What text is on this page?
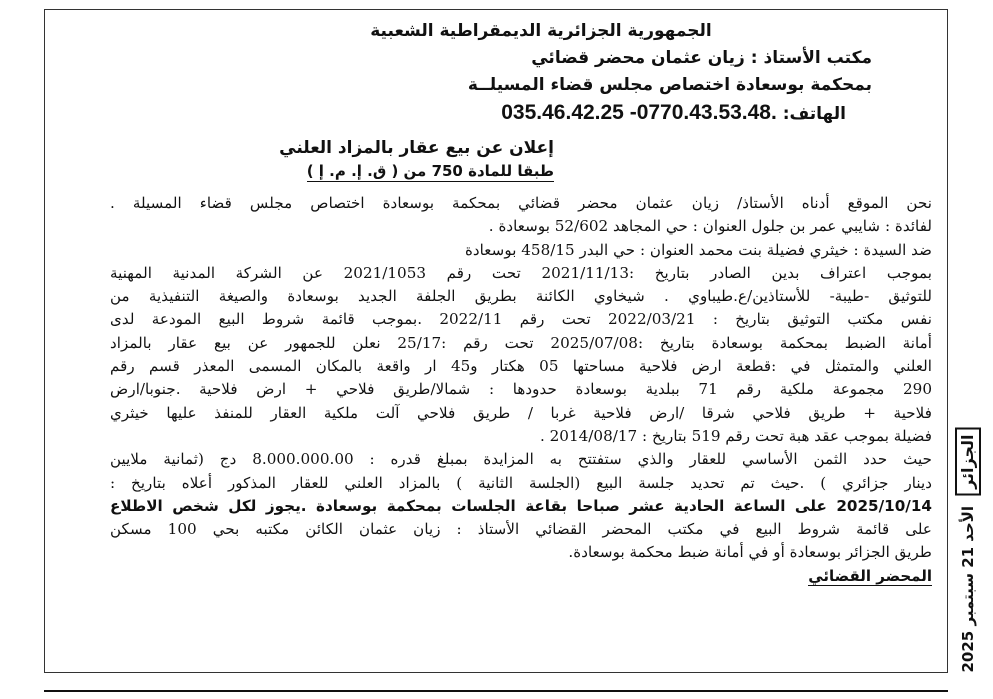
الجمهورية الجزائرية الديمقراطية الشعبية
مكتب الأستاذ : زيان عثمان محضر قضائي
بمحكمة بوسعادة اختصاص مجلس قضاء المسيلــة
الهاتف: 035.46.42.25 -0770.43.53.48.
إعلان عن بيع عقار بالمزاد العلني
طبقا للمادة 750 من ( ق. إ. م. إ )
نحن الموقع أدناه الأستاذ/ زيان عثمان محضر قضائي بمحكمة بوسعادة اختصاص مجلس قضاء المسيلة .
لفائدة : شايبي عمر بن جلول العنوان : حي المجاهد 52/602 بوسعادة .
ضد السيدة : خيثري فضيلة بنت محمد العنوان : حي البدر 458/15 بوسعادة
بموجب اعتراف بدين الصادر بتاريخ :2021/11/13 تحت رقم 2021/1053 عن الشركة المدنية المهنية
للتوثيق -طيبة- للأستاذين/ع.طيباوي . شيخاوي الكائنة بطريق الجلفة الجديد بوسعادة والصيغة التنفيذية من
نفس مكتب التوثيق بتاريخ : 2022/03/21 تحت رقم 2022/11 .بموجب قائمة شروط البيع المودعة لدى
أمانة الضبط بمحكمة بوسعادة بتاريخ :2025/07/08 تحت رقم :25/17 نعلن للجمهور عن بيع عقار بالمزاد
العلني والمتمثل في :قطعة ارض فلاحية مساحتها 05 هكتار و45 ار واقعة بالمكان المسمى المعذر قسم رقم
290 مجموعة ملكية رقم 71 ببلدية بوسعادة حدودها : شمالا/طريق فلاحي + ارض فلاحية .جنوبا/ارض
فلاحية + طريق فلاحي شرقا /ارض فلاحية غربا / طريق فلاحي آلت ملكية العقار للمنفذ عليها خيثري
فضيلة بموجب عقد هبة تحت رقم 519 بتاريخ : 2014/08/17 .
حيث حدد الثمن الأساسي للعقار والذي ستفتتح به المزايدة بمبلغ قدره : 8.000.000.00 دج (ثمانية ملايين
دينار جزائري ) .حيث تم تحديد جلسة البيع (الجلسة الثانية ) بالمزاد العلني للعقار المذكور أعلاه بتاريخ :
2025/10/14 على الساعة الحادية عشر صباحا بقاعة الجلسات بمحكمة بوسعادة .يجوز لكل شخص الاطلاع
على قائمة شروط البيع في مكتب المحضر القضائي الأستاذ : زيان عثمان الكائن مكتبه بحي 100 مسكن
طريق الجزائر بوسعادة أو في أمانة ضبط محكمة بوسعادة.
المحضر القضائي
الجزائر
الأحد 21 سبتمبر 2025
